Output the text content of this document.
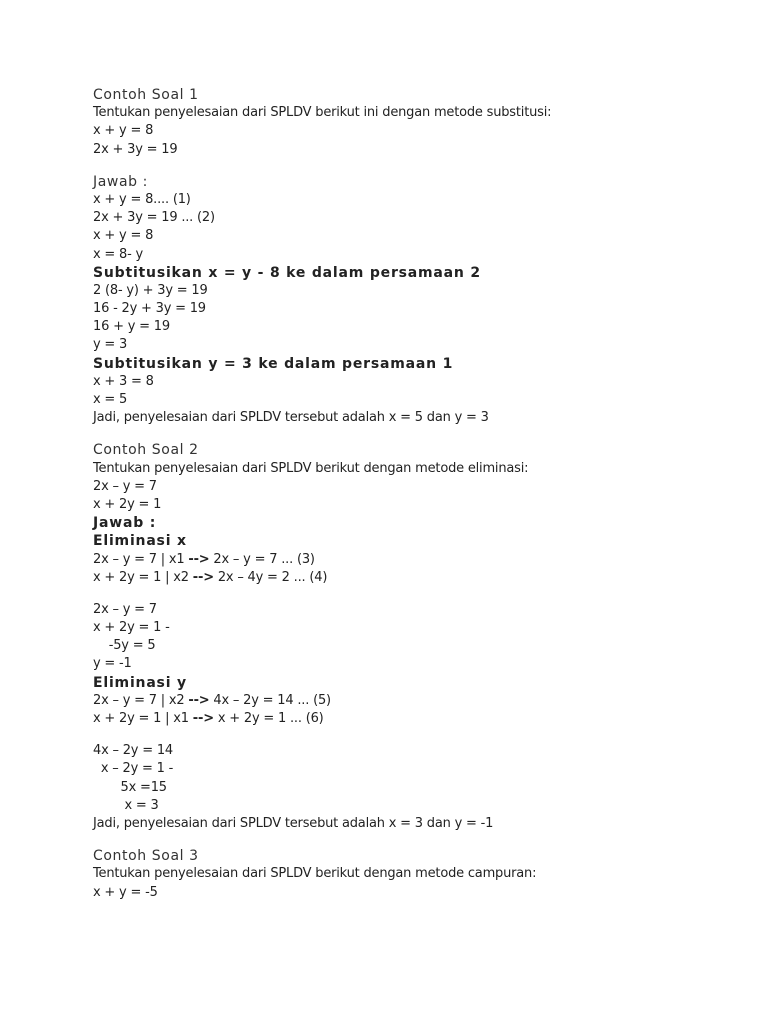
Contoh Soal 1
Tentukan penyelesaian dari SPLDV berikut ini dengan metode substitusi:
x + y = 8
2x + 3y = 19
Jawab :
x + y = 8.... (1)
2x + 3y = 19 ... (2)
x + y = 8
x = 8- y
Subtitusikan x = y - 8 ke dalam persamaan 2
2 (8- y) + 3y = 19
16 - 2y + 3y = 19
16 + y = 19
y = 3
Subtitusikan y = 3 ke dalam persamaan 1
x + 3 = 8
x = 5
Jadi, penyelesaian dari SPLDV tersebut adalah x = 5 dan y = 3
Contoh Soal 2
Tentukan penyelesaian dari SPLDV berikut dengan metode eliminasi:
2x – y = 7
x + 2y = 1
Jawab :
Eliminasi x
2x – y = 7 | x1 --> 2x – y = 7 ... (3)
x + 2y = 1 | x2 --> 2x – 4y = 2 ... (4)
2x – y = 7
x + 2y = 1 -
-5y = 5
y = -1
Eliminasi y
2x – y = 7 | x2 --> 4x – 2y = 14 ... (5)
x + 2y = 1 | x1 --> x + 2y = 1 ... (6)
4x – 2y = 14
x – 2y = 1 -
5x =15
x = 3
Jadi, penyelesaian dari SPLDV tersebut adalah x = 3 dan y = -1
Contoh Soal 3
Tentukan penyelesaian dari SPLDV berikut dengan metode campuran:
x + y = -5
